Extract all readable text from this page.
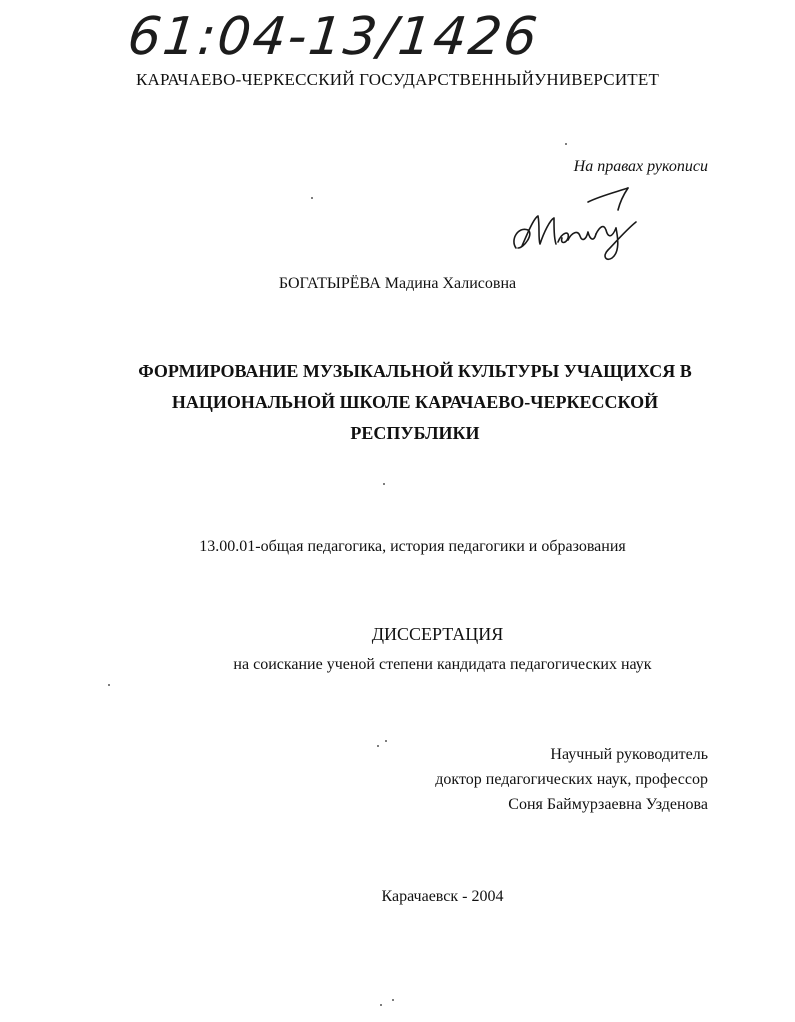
61:04-13/1426
КАРАЧАЕВО-ЧЕРКЕССКИЙ ГОСУДАРСТВЕННЫЙУНИВЕРСИТЕТ
На правах рукописи
БОГАТЫРЁВА Мадина Халисовна
ФОРМИРОВАНИЕ МУЗЫКАЛЬНОЙ КУЛЬТУРЫ УЧАЩИХСЯ В
НАЦИОНАЛЬНОЙ ШКОЛЕ КАРАЧАЕВО-ЧЕРКЕССКОЙ
РЕСПУБЛИКИ
13.00.01-общая педагогика, история педагогики и образования
ДИССЕРТАЦИЯ
на соискание ученой степени кандидата педагогических наук
Научный руководитель
доктор педагогических наук, профессор
Соня Баймурзаевна Узденова
Карачаевск - 2004
